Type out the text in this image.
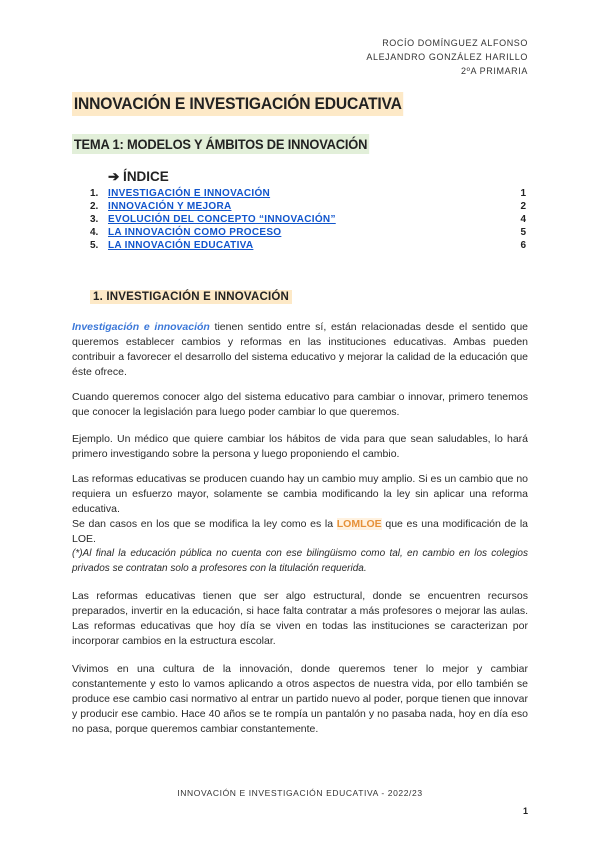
ROCÍO DOMÍNGUEZ ALFONSO
ALEJANDRO GONZÁLEZ HARILLO
2ºA PRIMARIA
INNOVACIÓN E INVESTIGACIÓN EDUCATIVA
TEMA 1: MODELOS Y ÁMBITOS DE INNOVACIÓN
➔ ÍNDICE
1. INVESTIGACIÓN E INNOVACIÓN	1
2. INNOVACIÓN Y MEJORA	2
3. EVOLUCIÓN DEL CONCEPTO “INNOVACIÓN”	4
4. LA INNOVACIÓN COMO PROCESO	5
5. LA INNOVACIÓN EDUCATIVA	6
1. INVESTIGACIÓN E INNOVACIÓN
Investigación e innovación tienen sentido entre sí, están relacionadas desde el sentido que queremos establecer cambios y reformas en las instituciones educativas. Ambas pueden contribuir a favorecer el desarrollo del sistema educativo y mejorar la calidad de la educación que éste ofrece.
Cuando queremos conocer algo del sistema educativo para cambiar o innovar, primero tenemos que conocer la legislación para luego poder cambiar lo que queremos.
Ejemplo. Un médico que quiere cambiar los hábitos de vida para que sean saludables, lo hará primero investigando sobre la persona y luego proponiendo el cambio.
Las reformas educativas se producen cuando hay un cambio muy amplio. Si es un cambio que no requiera un esfuerzo mayor, solamente se cambia modificando la ley sin aplicar una reforma educativa.
Se dan casos en los que se modifica la ley como es la LOMLOE que es una modificación de la LOE.
(*)Al final la educación pública no cuenta con ese bilingüismo como tal, en cambio en los colegios privados se contratan solo a profesores con la titulación requerida.
Las reformas educativas tienen que ser algo estructural, donde se encuentren recursos preparados, invertir en la educación, si hace falta contratar a más profesores o mejorar las aulas. Las reformas educativas que hoy día se viven en todas las instituciones se caracterizan por incorporar cambios en la estructura escolar.
Vivimos en una cultura de la innovación, donde queremos tener lo mejor y cambiar constantemente y esto lo vamos aplicando a otros aspectos de nuestra vida, por ello también se produce ese cambio casi normativo al entrar un partido nuevo al poder, porque tienen que innovar y producir ese cambio. Hace 40 años se te rompía un pantalón y no pasaba nada, hoy en día eso no pasa, porque queremos cambiar constantemente.
INNOVACIÓN E INVESTIGACIÓN EDUCATIVA - 2022/23
1
